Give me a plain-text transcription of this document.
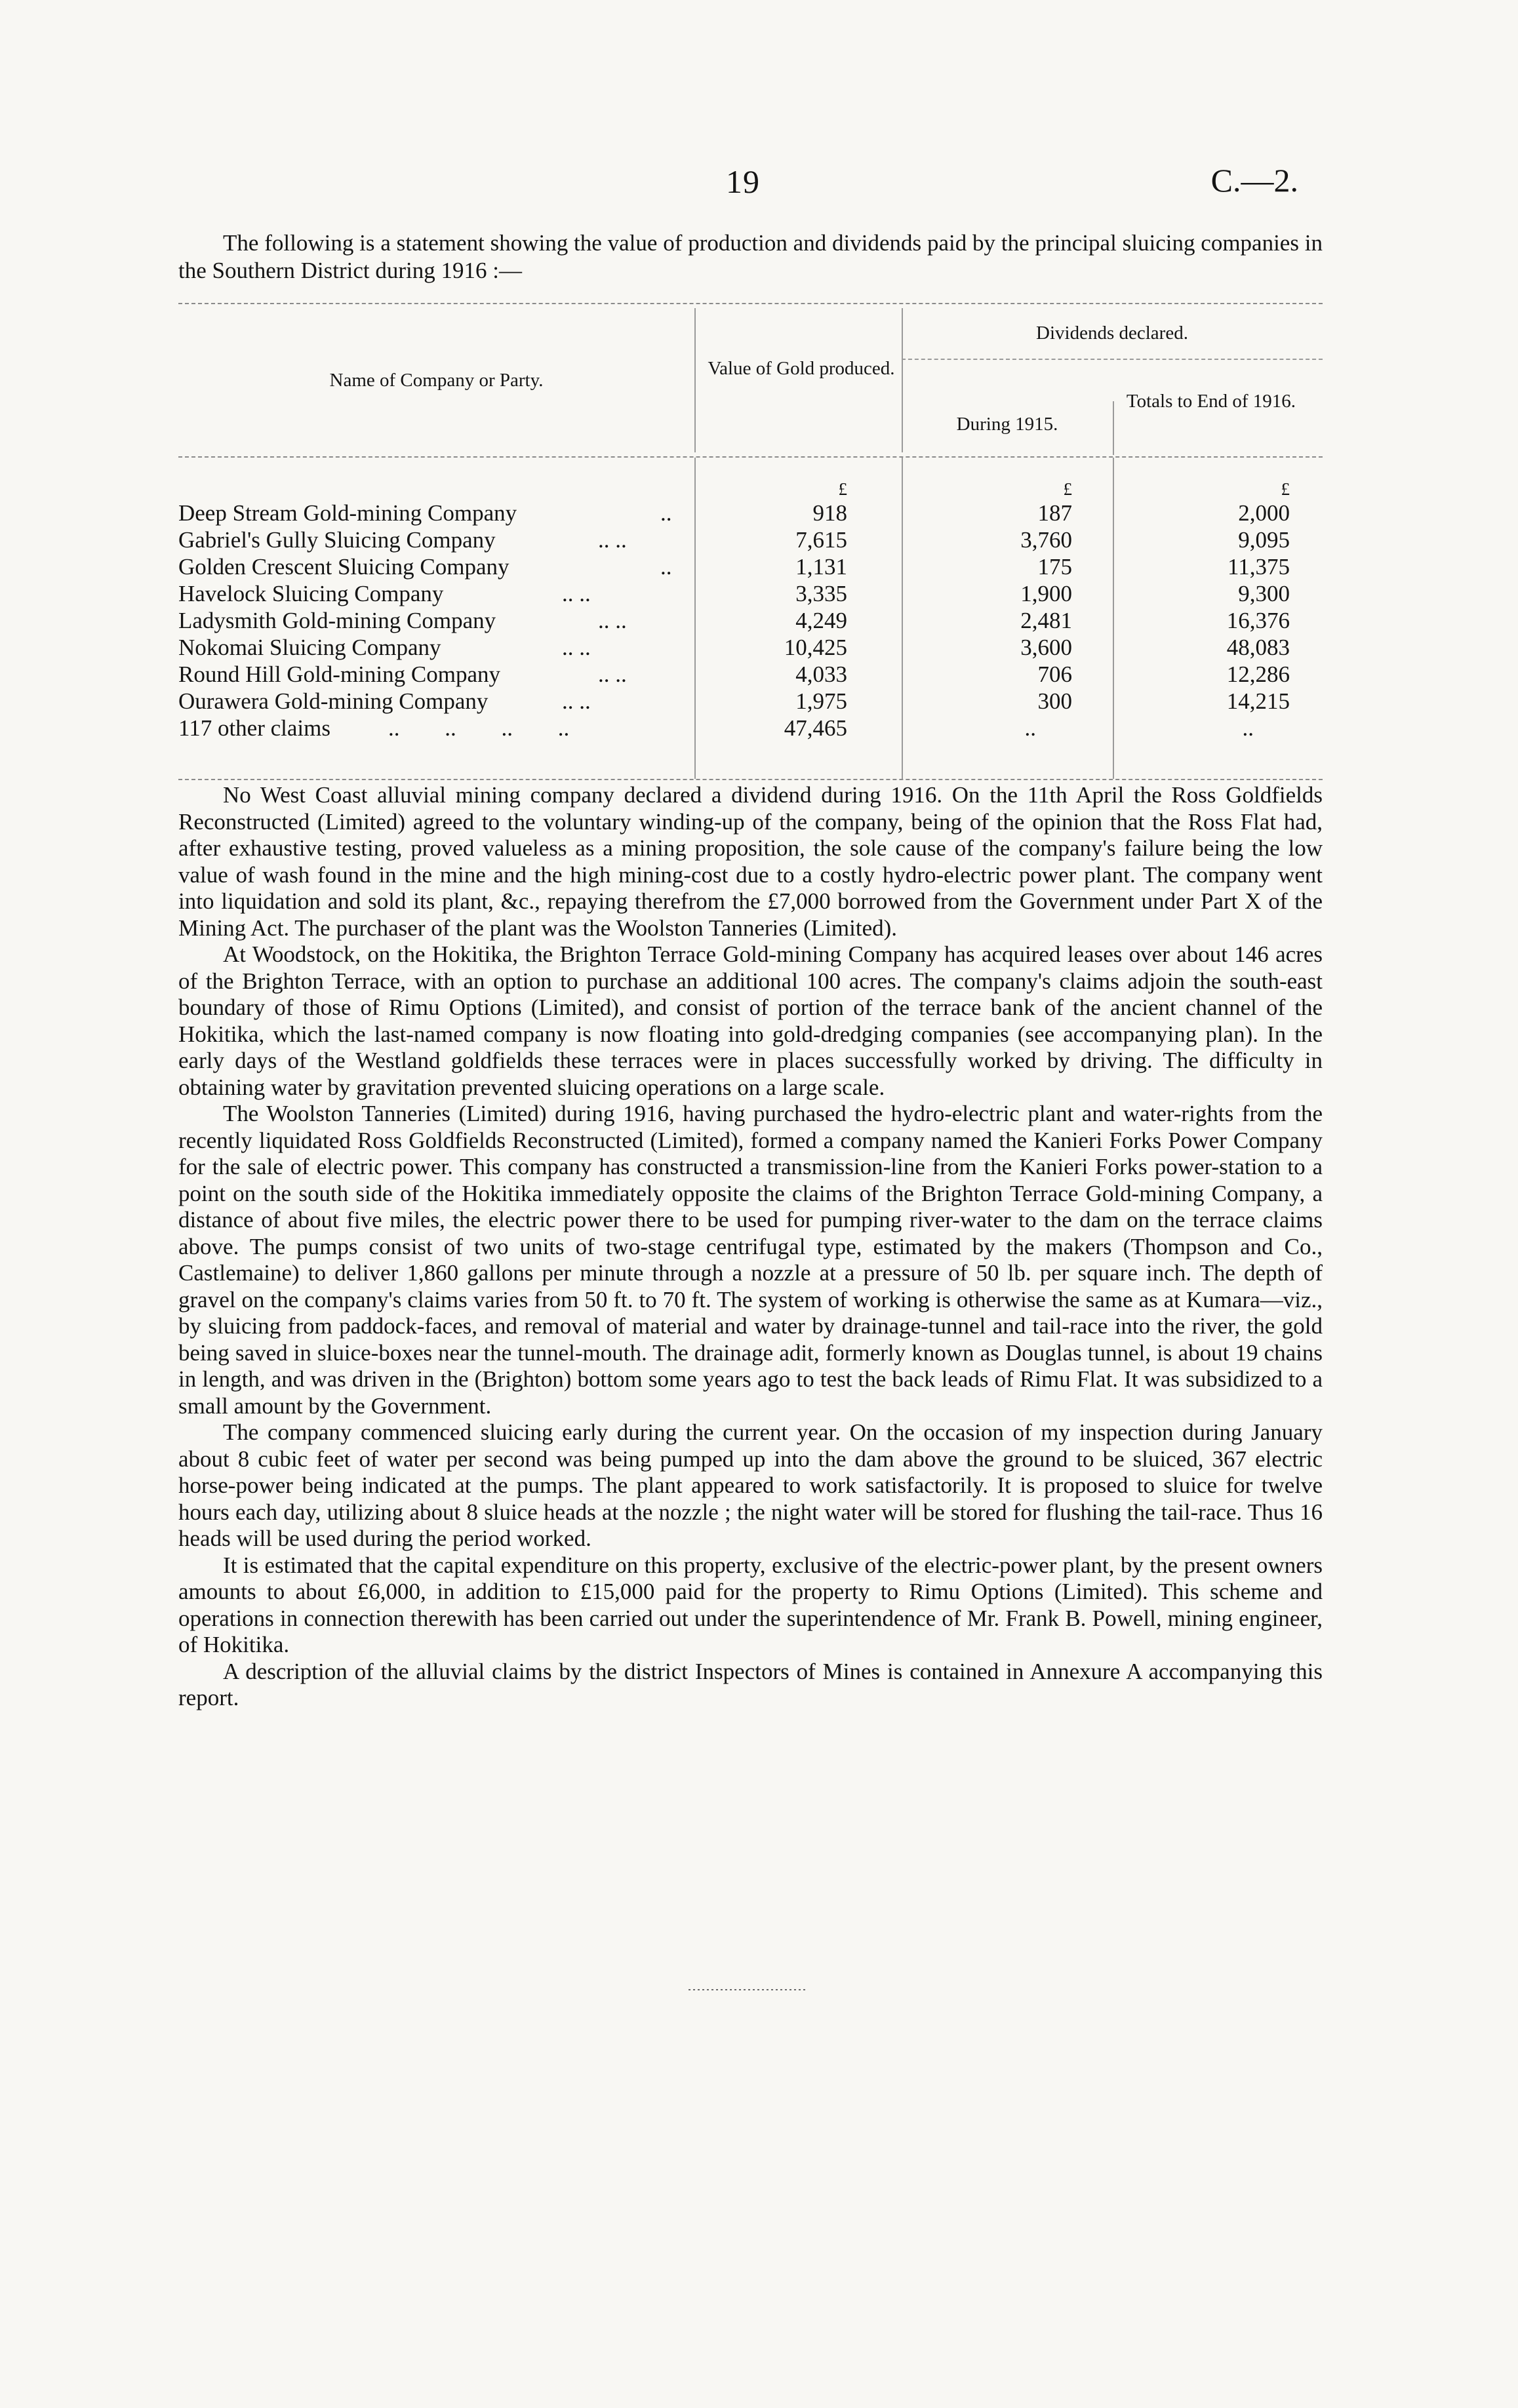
19	C.—2.

The following is a statement showing the value of production and dividends paid by the principal sluicing companies in the Southern District during 1916 :—

Name of Company or Party.
Value of Gold produced.
Dividends declared.
During 1915.
Totals to End of 1916.
£	£	£
Deep Stream Gold-mining Company	..	918	187	2,000
Gabriel's Gully Sluicing Company	.. ..	7,615	3,760	9,095
Golden Crescent Sluicing Company	..	1,131	175	11,375
Havelock Sluicing Company	.. ..	3,335	1,900	9,300
Ladysmith Gold-mining Company	.. ..	4,249	2,481	16,376
Nokomai Sluicing Company	.. ..	10,425	3,600	48,083
Round Hill Gold-mining Company	.. ..	4,033	706	12,286
Ourawera Gold-mining Company	.. ..	1,975	300	14,215
117 other claims	.. .. .. ..	47,465	..	..

No West Coast alluvial mining company declared a dividend during 1916. On the 11th April the Ross Goldfields Reconstructed (Limited) agreed to the voluntary winding-up of the company, being of the opinion that the Ross Flat had, after exhaustive testing, proved valueless as a mining proposition, the sole cause of the company's failure being the low value of wash found in the mine and the high mining-cost due to a costly hydro-electric power plant. The company went into liquidation and sold its plant, &c., repaying therefrom the £7,000 borrowed from the Government under Part X of the Mining Act. The purchaser of the plant was the Woolston Tanneries (Limited).

At Woodstock, on the Hokitika, the Brighton Terrace Gold-mining Company has acquired leases over about 146 acres of the Brighton Terrace, with an option to purchase an additional 100 acres. The company's claims adjoin the south-east boundary of those of Rimu Options (Limited), and consist of portion of the terrace bank of the ancient channel of the Hokitika, which the last-named company is now floating into gold-dredging companies (see accompanying plan). In the early days of the Westland goldfields these terraces were in places successfully worked by driving. The difficulty in obtaining water by gravitation prevented sluicing operations on a large scale.

The Woolston Tanneries (Limited) during 1916, having purchased the hydro-electric plant and water-rights from the recently liquidated Ross Goldfields Reconstructed (Limited), formed a company named the Kanieri Forks Power Company for the sale of electric power. This company has constructed a transmission-line from the Kanieri Forks power-station to a point on the south side of the Hokitika immediately opposite the claims of the Brighton Terrace Gold-mining Company, a distance of about five miles, the electric power there to be used for pumping river-water to the dam on the terrace claims above. The pumps consist of two units of two-stage centrifugal type, estimated by the makers (Thompson and Co., Castlemaine) to deliver 1,860 gallons per minute through a nozzle at a pressure of 50 lb. per square inch. The depth of gravel on the company's claims varies from 50 ft. to 70 ft. The system of working is otherwise the same as at Kumara—viz., by sluicing from paddock-faces, and removal of material and water by drainage-tunnel and tail-race into the river, the gold being saved in sluice-boxes near the tunnel-mouth. The drainage adit, formerly known as Douglas tunnel, is about 19 chains in length, and was driven in the (Brighton) bottom some years ago to test the back leads of Rimu Flat. It was subsidized to a small amount by the Government.

The company commenced sluicing early during the current year. On the occasion of my inspection during January about 8 cubic feet of water per second was being pumped up into the dam above the ground to be sluiced, 367 electric horse-power being indicated at the pumps. The plant appeared to work satisfactorily. It is proposed to sluice for twelve hours each day, utilizing about 8 sluice heads at the nozzle ; the night water will be stored for flushing the tail-race. Thus 16 heads will be used during the period worked.

It is estimated that the capital expenditure on this property, exclusive of the electric-power plant, by the present owners amounts to about £6,000, in addition to £15,000 paid for the property to Rimu Options (Limited). This scheme and operations in connection therewith has been carried out under the superintendence of Mr. Frank B. Powell, mining engineer, of Hokitika.

A description of the alluvial claims by the district Inspectors of Mines is contained in Annexure A accompanying this report.
